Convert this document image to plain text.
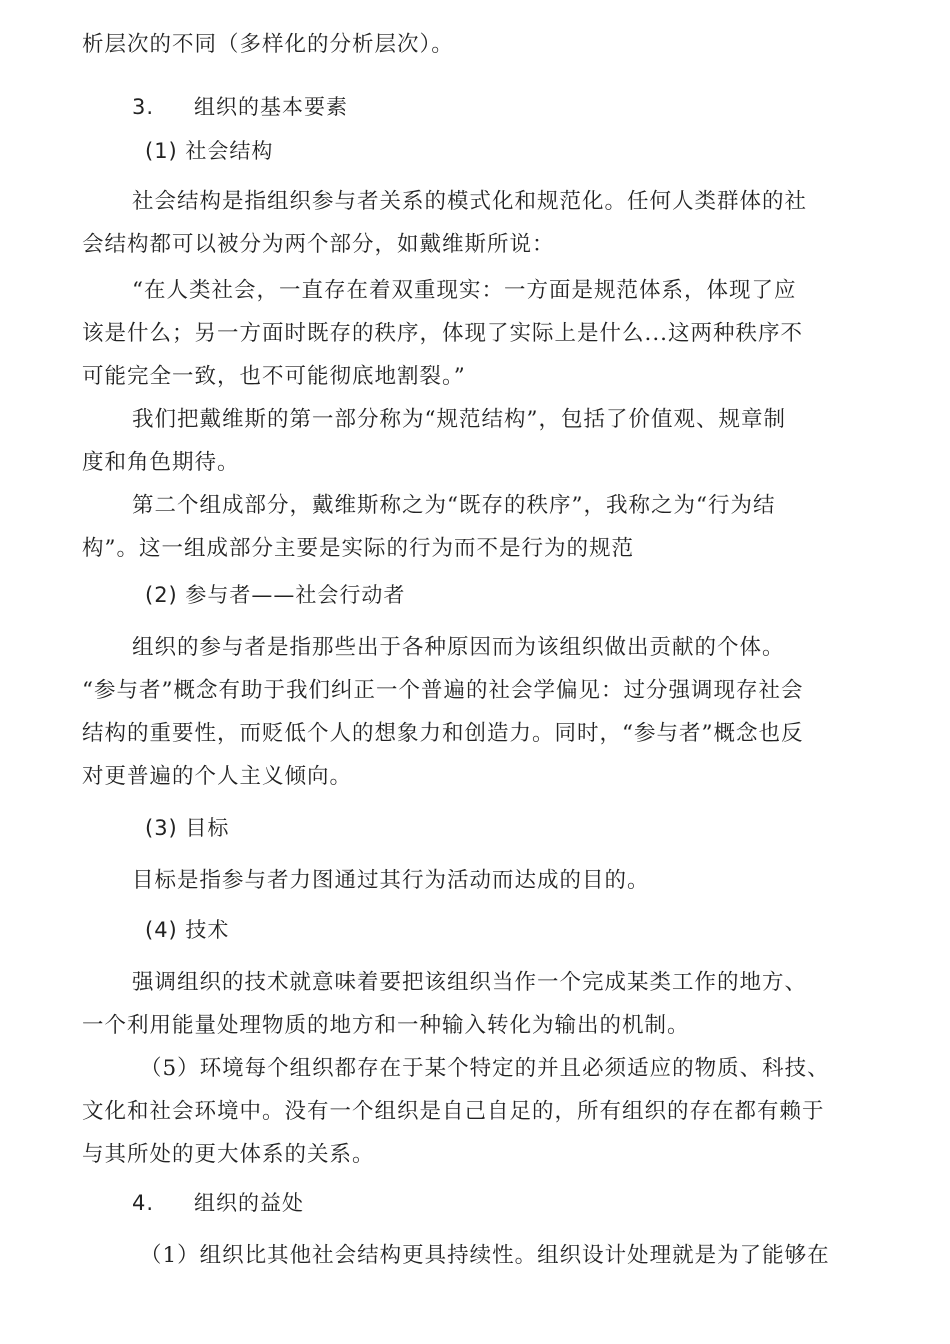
析层次的不同（多样化的分析层次）。
3. 组织的基本要素
(1) 社会结构
社会结构是指组织参与者关系的模式化和规范化。任何人类群体的社
会结构都可以被分为两个部分，如戴维斯所说：
“在人类社会，一直存在着双重现实：一方面是规范体系，体现了应
该是什么；另一方面时既存的秩序，体现了实际上是什么...这两种秩序不
可能完全一致，也不可能彻底地割裂。”
我们把戴维斯的第一部分称为“规范结构”，包括了价值观、规章制
度和角色期待。
第二个组成部分，戴维斯称之为“既存的秩序”，我称之为“行为结
构”。这一组成部分主要是实际的行为而不是行为的规范
(2) 参与者——社会行动者
组织的参与者是指那些出于各种原因而为该组织做出贡献的个体。
“参与者”概念有助于我们纠正一个普遍的社会学偏见：过分强调现存社会
结构的重要性，而贬低个人的想象力和创造力。同时，“参与者”概念也反
对更普遍的个人主义倾向。
(3) 目标
目标是指参与者力图通过其行为活动而达成的目的。
(4) 技术
强调组织的技术就意味着要把该组织当作一个完成某类工作的地方、
一个利用能量处理物质的地方和一种输入转化为输出的机制。
（5）环境每个组织都存在于某个特定的并且必须适应的物质、科技、
文化和社会环境中。没有一个组织是自己自足的，所有组织的存在都有赖于
与其所处的更大体系的关系。
4. 组织的益处
（1）组织比其他社会结构更具持续性。组织设计处理就是为了能够在
